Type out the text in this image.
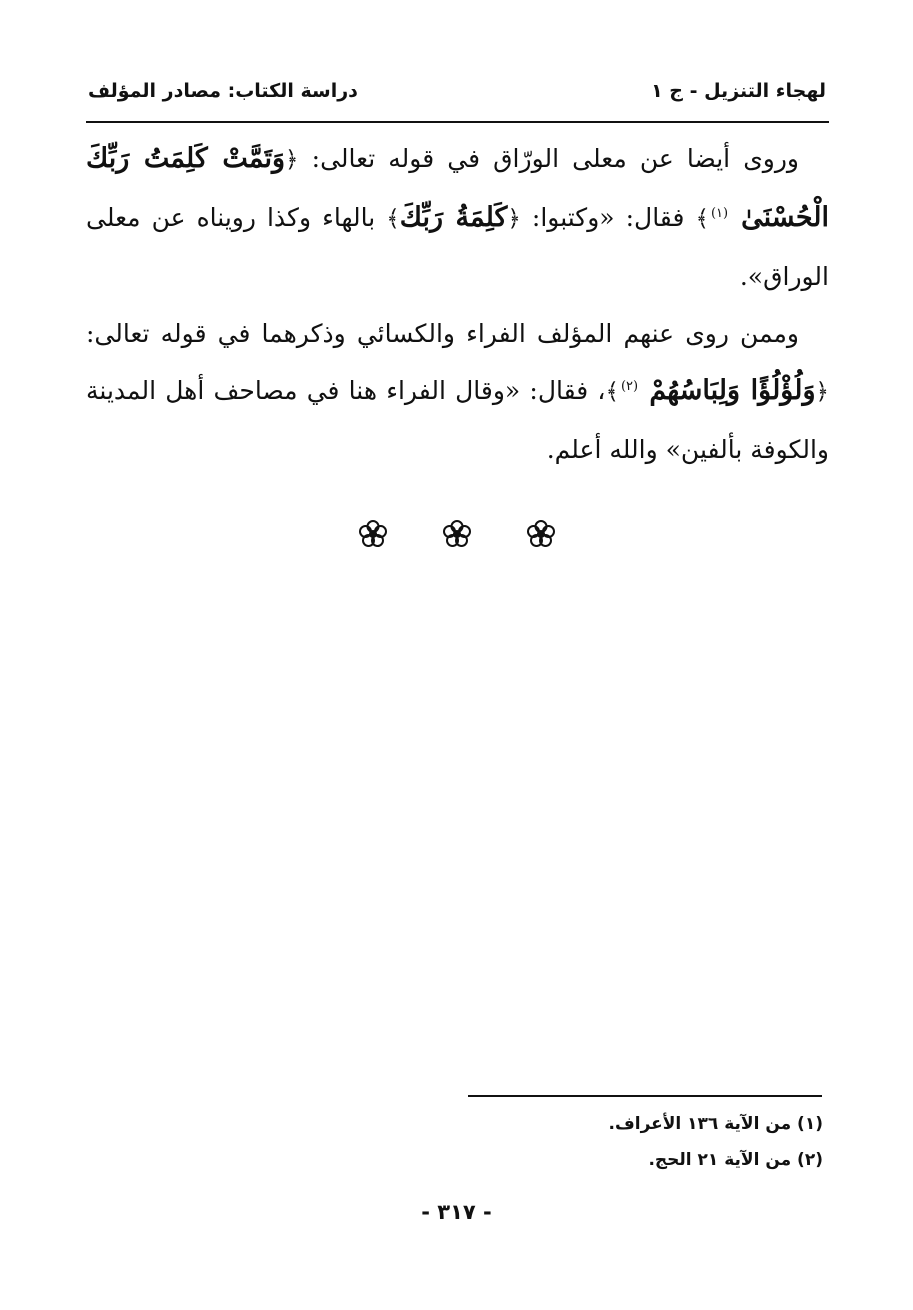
لهجاء التنزيل - ج ١
دراسة الكتاب: مصادر المؤلف

وروى أيضا عن معلى الورّاق في قوله تعالى: ﴿وَتَمَّتْ كَلِمَتُ رَبِّكَ الْحُسْنَىٰ $^{(١)}$﴾ فقال: «وكتبوا: ﴿كَلِمَةُ رَبِّكَ﴾ بالهاء وكذا رويناه عن معلى الوراق».

وممن روى عنهم المؤلف الفراء والكسائي وذكرهما في قوله تعالى: ﴿وَلُؤْلُؤًا وَلِبَاسُهُمْ $^{(٢)}$﴾، فقال: «وقال الفراء هنا في مصاحف أهل المدينة والكوفة بألفين» والله أعلم.

(١) من الآية ١٣٦ الأعراف.
(٢) من الآية ٢١ الحج.
- ٣١٧ -
